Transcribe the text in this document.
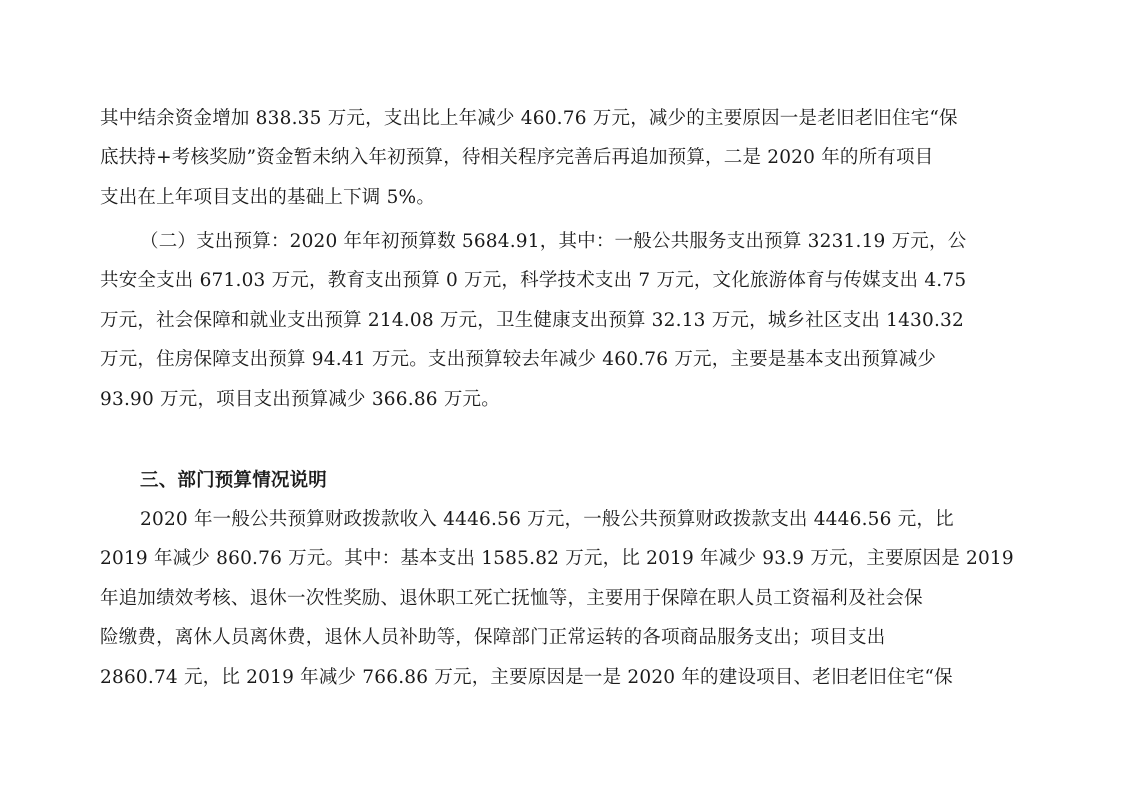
其中结余资金增加 838.35 万元，支出比上年减少 460.76 万元，减少的主要原因一是老旧老旧住宅“保
底扶持+考核奖励”资金暂未纳入年初预算，待相关程序完善后再追加预算，二是 2020 年的所有项目
支出在上年项目支出的基础上下调 5%。
（二）支出预算：2020 年年初预算数 5684.91，其中：一般公共服务支出预算 3231.19 万元，公
共安全支出 671.03 万元，教育支出预算 0 万元，科学技术支出 7 万元，文化旅游体育与传媒支出 4.75
万元，社会保障和就业支出预算 214.08 万元，卫生健康支出预算 32.13 万元，城乡社区支出 1430.32
万元，住房保障支出预算 94.41 万元。支出预算较去年减少 460.76 万元，主要是基本支出预算减少
93.90 万元，项目支出预算减少 366.86 万元。
三、部门预算情况说明
2020 年一般公共预算财政拨款收入 4446.56 万元，一般公共预算财政拨款支出 4446.56 元，比
2019 年减少 860.76 万元。其中：基本支出 1585.82 万元，比 2019 年减少 93.9 万元，主要原因是 2019
年追加绩效考核、退休一次性奖励、退休职工死亡抚恤等，主要用于保障在职人员工资福利及社会保
险缴费，离休人员离休费，退休人员补助等，保障部门正常运转的各项商品服务支出；项目支出
2860.74 元，比 2019 年减少 766.86 万元，主要原因是一是 2020 年的建设项目、老旧老旧住宅“保
